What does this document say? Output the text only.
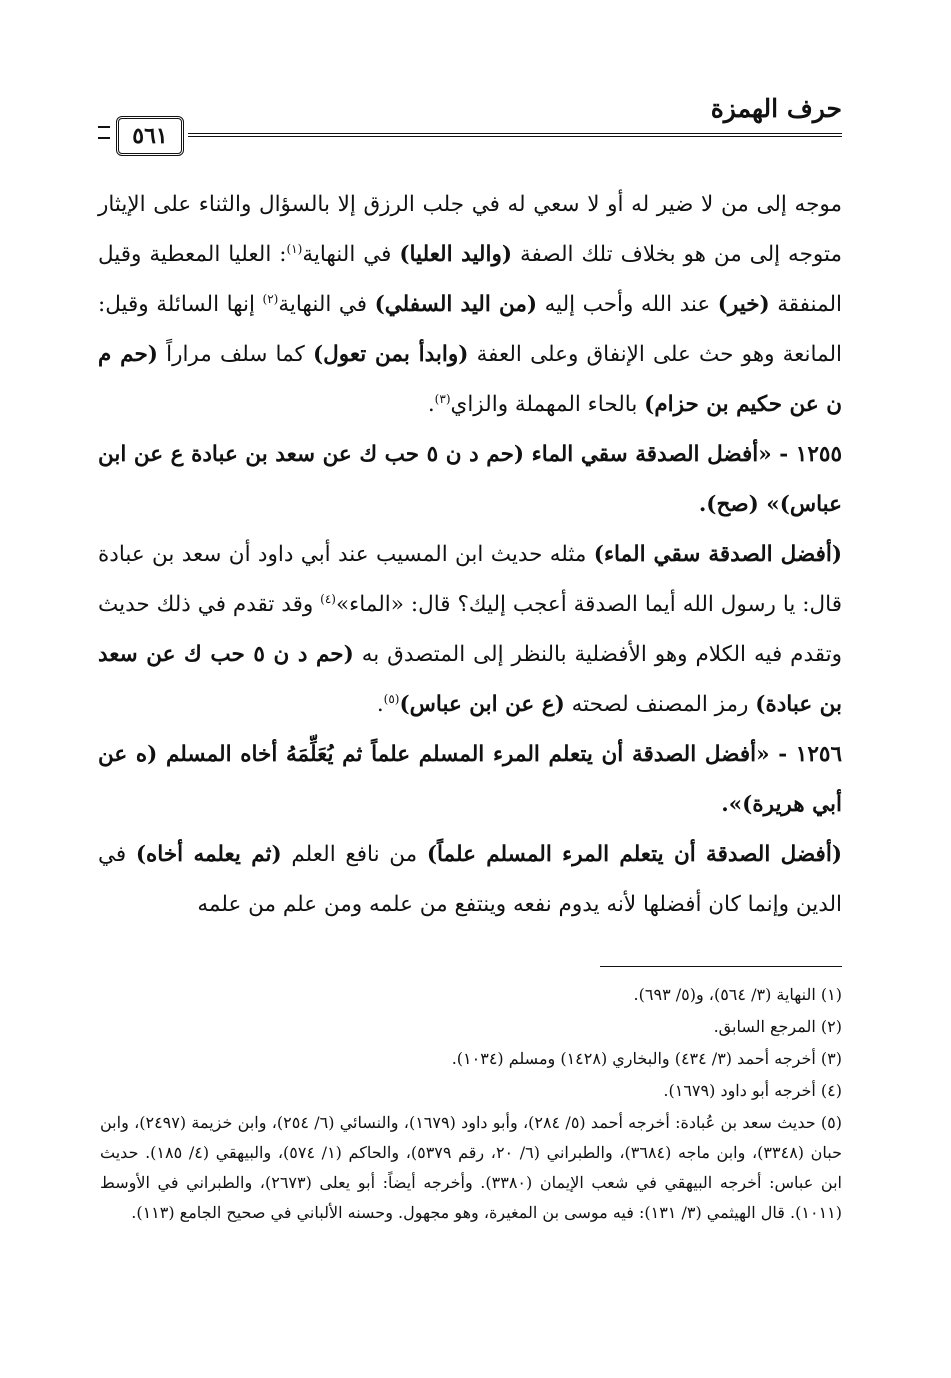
حرف الهمزة
٥٦١

موجه إلى من لا ضير له أو لا سعي له في جلب الرزق إلا بالسؤال والثناء على الإيثار متوجه إلى من هو بخلاف تلك الصفة (واليد العليا) في النهاية$^{(١)}$: العليا المعطية وقيل المنفقة (خير) عند الله وأحب إليه (من اليد السفلي) في النهاية$^{(٢)}$ إنها السائلة وقيل: المانعة وهو حث على الإنفاق وعلى العفة (وابدأ بمن تعول) كما سلف مراراً (حم م ن عن حكيم بن حزام) بالحاء المهملة والزاي$^{(٣)}$.

١٢٥٥ - «أفضل الصدقة سقي الماء (حم د ن ٥ حب ك عن سعد بن عبادة ع عن ابن عباس)» (صح).

(أفضل الصدقة سقي الماء) مثله حديث ابن المسيب عند أبي داود أن سعد بن عبادة قال: يا رسول الله أيما الصدقة أعجب إليك؟ قال: «الماء»$^{(٤)}$ وقد تقدم في ذلك حديث وتقدم فيه الكلام وهو الأفضلية بالنظر إلى المتصدق به (حم د ن ٥ حب ك عن سعد بن عبادة) رمز المصنف لصحته (ع عن ابن عباس)$^{(٥)}$.

١٢٥٦ - «أفضل الصدقة أن يتعلم المرء المسلم علماً ثم يُعَلِّمَهُ أخاه المسلم (ه عن أبي هريرة)».

(أفضل الصدقة أن يتعلم المرء المسلم علماً) من نافع العلم (ثم يعلمه أخاه) في الدين وإنما كان أفضلها لأنه يدوم نفعه وينتفع من علمه ومن علم من علمه

(١) النهاية (٣/ ٥٦٤)، و(٥/ ٦٩٣).

(٢) المرجع السابق.

(٣) أخرجه أحمد (٣/ ٤٣٤) والبخاري (١٤٢٨) ومسلم (١٠٣٤).

(٤) أخرجه أبو داود (١٦٧٩).

(٥) حديث سعد بن عُبادة: أخرجه أحمد (٥/ ٢٨٤)، وأبو داود (١٦٧٩)، والنسائي (٦/ ٢٥٤)، وابن خزيمة (٢٤٩٧)، وابن حبان (٣٣٤٨)، وابن ماجه (٣٦٨٤)، والطبراني (٦/ ٢٠، رقم ٥٣٧٩)، والحاكم (١/ ٥٧٤)، والبيهقي (٤/ ١٨٥). حديث ابن عباس: أخرجه البيهقي في شعب الإيمان (٣٣٨٠). وأخرجه أيضاً: أبو يعلى (٢٦٧٣)، والطبراني في الأوسط (١٠١١). قال الهيثمي (٣/ ١٣١): فيه موسى بن المغيرة، وهو مجهول. وحسنه الألباني في صحيح الجامع (١١٣).
